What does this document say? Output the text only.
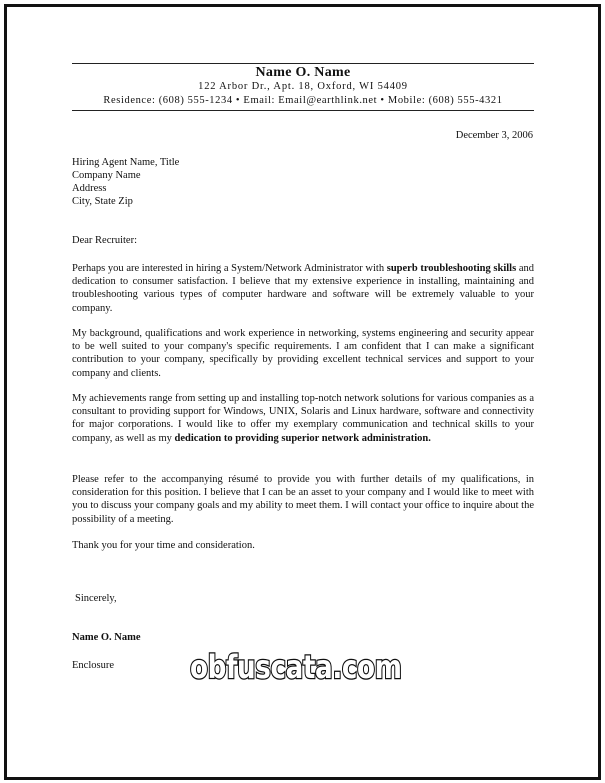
Name O. Name
122 Arbor Dr., Apt. 18, Oxford, WI 54409
Residence: (608) 555-1234 • Email: Email@earthlink.net • Mobile: (608) 555-4321
December 3, 2006
Hiring Agent Name, Title
Company Name
Address
City, State Zip
Dear Recruiter:

Perhaps you are interested in hiring a System/Network Administrator with superb troubleshooting skills and dedication to consumer satisfaction. I believe that my extensive experience in installing, maintaining and troubleshooting various types of computer hardware and software will be extremely valuable to your company.

My background, qualifications and work experience in networking, systems engineering and security appear to be well suited to your company's specific requirements. I am confident that I can make a significant contribution to your company, specifically by providing excellent technical services and support to your company and clients.

My achievements range from setting up and installing top-notch network solutions for various companies as a consultant to providing support for Windows, UNIX, Solaris and Linux hardware, software and connectivity for major corporations. I would like to offer my exemplary communication and technical skills to your company, as well as my dedication to providing superior network administration.

Please refer to the accompanying résumé to provide you with further details of my qualifications, in consideration for this position. I believe that I can be an asset to your company and I would like to meet with you to discuss your company goals and my ability to meet them. I will contact your office to inquire about the possibility of a meeting.

Thank you for your time and consideration.

Sincerely,
Name O. Name
Enclosure obfuscata.com
